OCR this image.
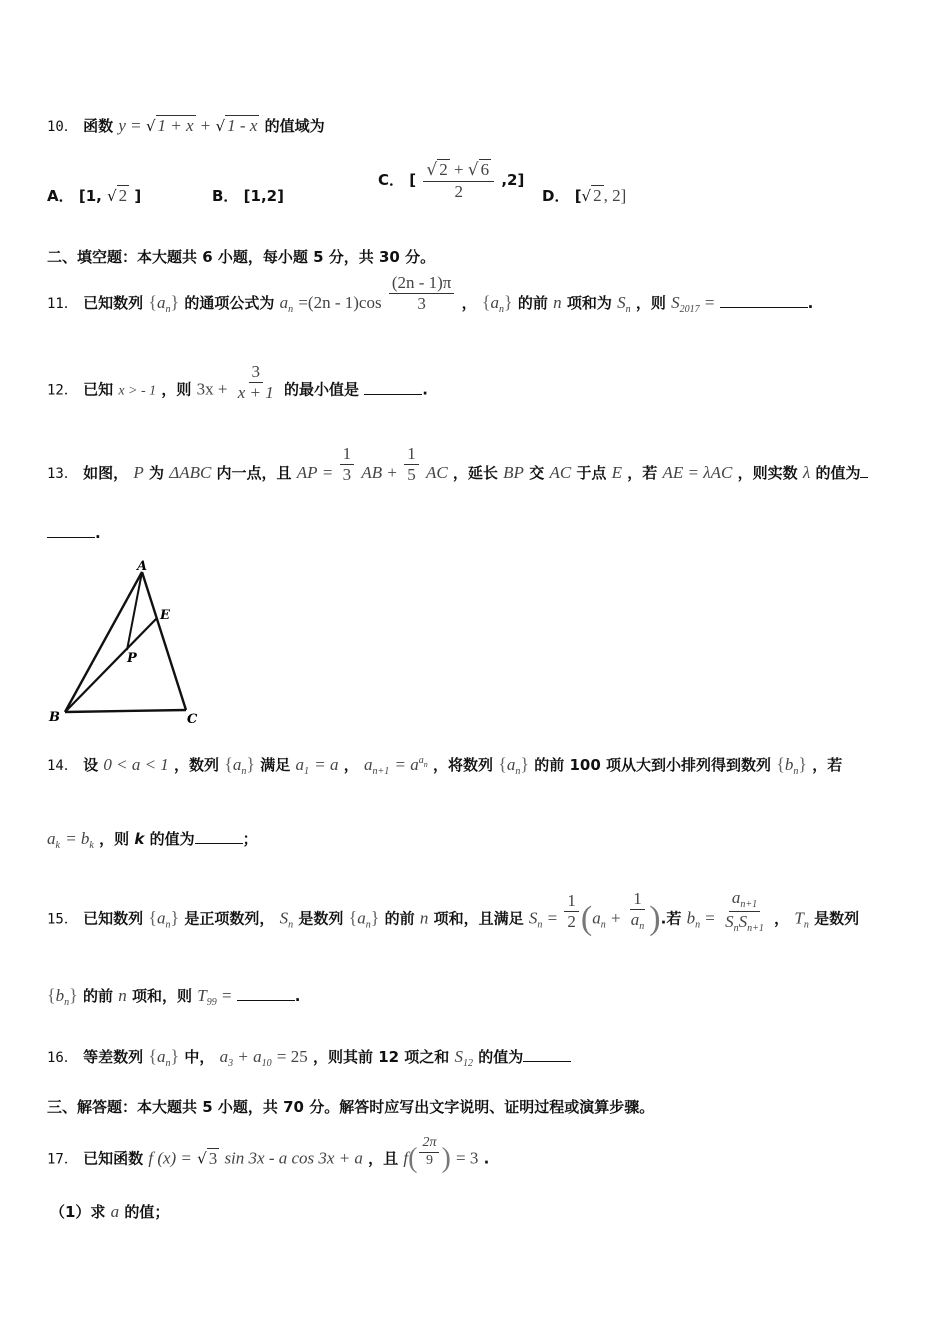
10． 函数 y = √ 1 + x + √ 1 - x 的值域为
A． [1, √ 2 ]	B． [1,2]
C． [ $\frac{√ 2 + √ 6}{2} ,2$]
D． [√ 2 , 2]
二、填空题：本大题共 6 小题，每小题 5 分，共 30 分。
11． 已知数列 $\{a_n\}$ 的通项公式为 $a_n =(2n - 1)\cos \frac{(2n - 1)\pi}{3}$ ， $\{a_n\}$ 的前 n 项和为 $S_n$ ，则 $S_{2017}$ =	.
12． 已知 x > - 1 ，则 $3x + \frac{3}{x + 1}$ 的最小值是	.
13． 如图， P 为 ΔABC 内一点，且 AP = $\frac{1}{3}$ AB + $\frac{1}{5}$ AC ，延长 BP 交 AC 于点 E ，若 AE = λAC ，则实数 λ 的值为
.
A
E
P
B	C
14． 设 0 < a < 1 ，数列 $\{a_n\}$ 满足 $a_1 = a$ ， $a_{n+1} = a^{an}$ ，将数列 $\{a_n\}$ 的前 100 项从大到小排列得到数列 $\{b_n\}$ ，若
$a_k = b_k$ ，则 k 的值为	；
15． 已知数列 $\{a_n\}$ 是正项数列， $S_n$ 是数列 $\{a_n\}$ 的前 n 项和，且满足 $S_n = \frac{1}{2} (a_n + \frac{1}{a_n}$ ).若 $b_n = \frac{a_{n+1}}{S_nS_{n+1}}$ ， $T_n$ 是数列
$\{b_n\}$ 的前 n 项和，则 $T_{99}$ =	.
16． 等差数列 $\{a_n\}$ 中， $a_3 + a_{10} = 25$ ，则其前 12 项之和 $S_{12}$ 的值为
三、解答题：本大题共 5 小题，共 70 分。解答时应写出文字说明、证明过程或演算步骤。
17． 已知函数 f (x) = √ 3 sin 3x - a cos 3x + a ，且 $f( \frac{2\pi}{9}$ ) = 3 .
（1）求 a 的值；
